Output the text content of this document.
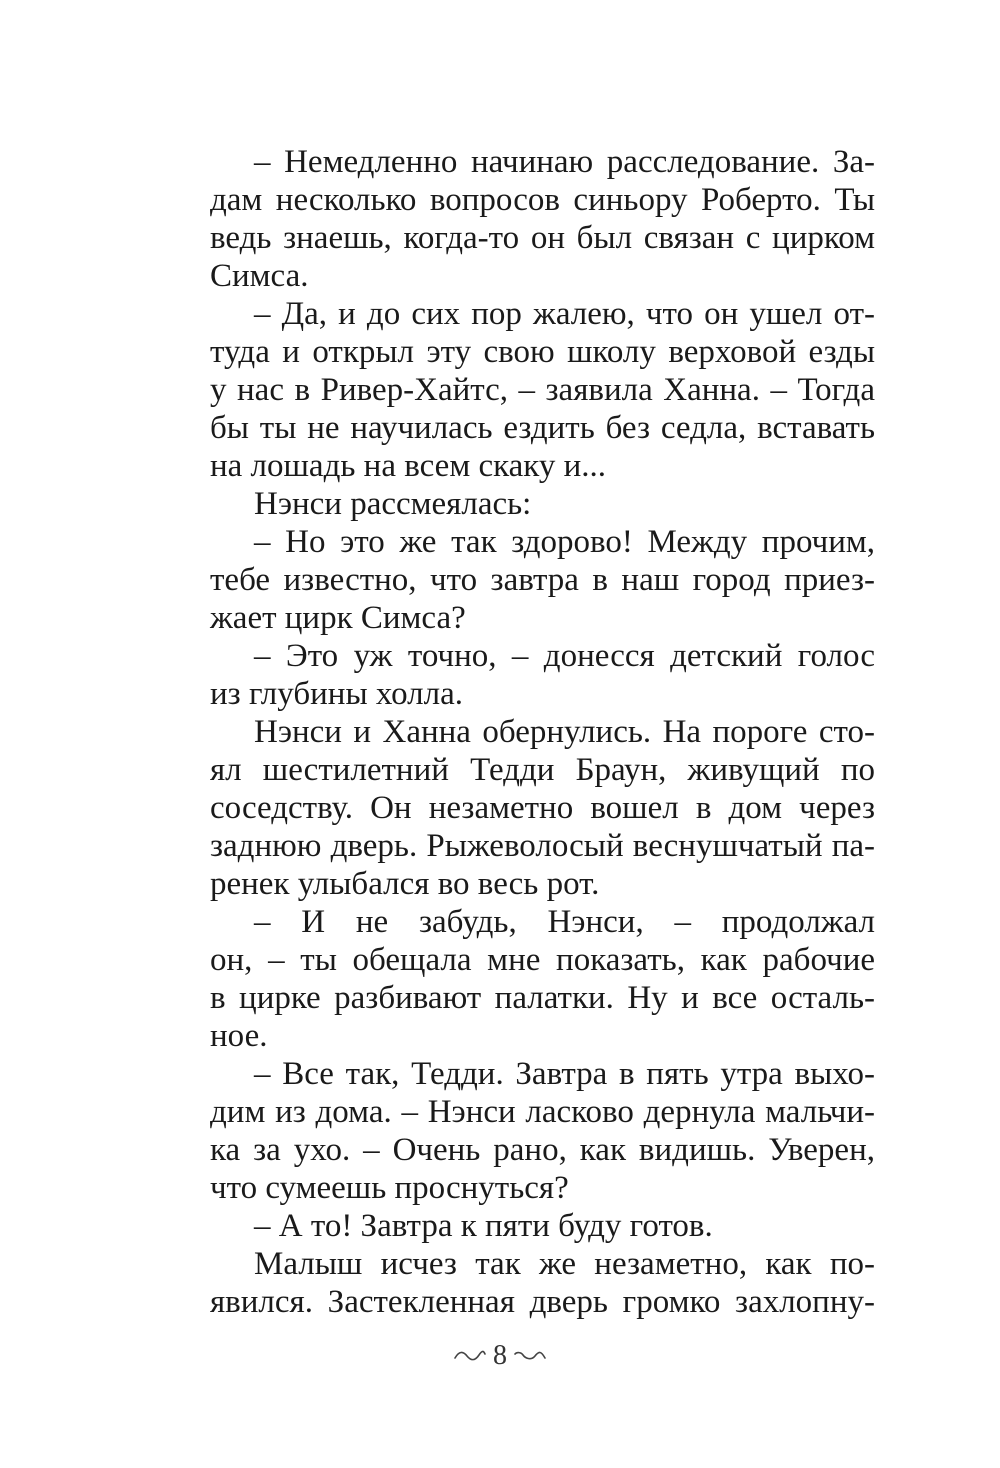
– Немедленно начинаю расследование. За-
дам несколько вопросов синьору Роберто. Ты
ведь знаешь, когда-то он был связан с цирком
Симса.
– Да, и до сих пор жалею, что он ушел от-
туда и открыл эту свою школу верховой езды
у нас в Ривер-Хайтс, – заявила Ханна. – Тогда
бы ты не научилась ездить без седла, вставать
на лошадь на всем скаку и...
Нэнси рассмеялась:
– Но это же так здорово! Между прочим,
тебе известно, что завтра в наш город приез-
жает цирк Симса?
– Это уж точно, – донесся детский голос
из глубины холла.
Нэнси и Ханна обернулись. На пороге сто-
ял шестилетний Тедди Браун, живущий по
соседству. Он незаметно вошел в дом через
заднюю дверь. Рыжеволосый веснушчатый па-
ренек улыбался во весь рот.
– И не забудь, Нэнси, – продолжал
он, – ты обещала мне показать, как рабочие
в цирке разбивают палатки. Ну и все осталь-
ное.
– Все так, Тедди. Завтра в пять утра выхо-
дим из дома. – Нэнси ласково дернула мальчи-
ка за ухо. – Очень рано, как видишь. Уверен,
что сумеешь проснуться?
– А то! Завтра к пяти буду готов.
Малыш исчез так же незаметно, как по-
явился. Застекленная дверь громко захлопну-
8
